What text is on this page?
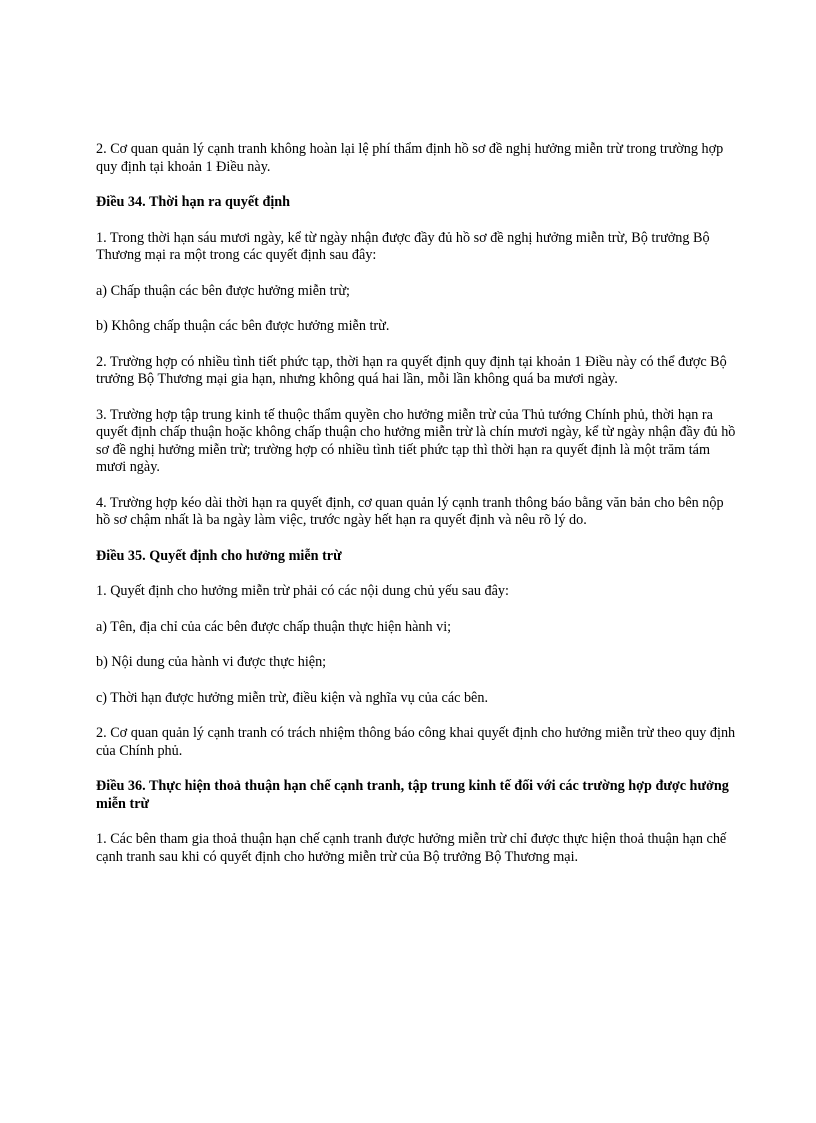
2. Cơ quan quản lý cạnh tranh không hoàn lại lệ phí thẩm định hồ sơ đề nghị hưởng miễn trừ trong trường hợp quy định tại khoản 1 Điều này.

Điều 34. Thời hạn ra quyết định

1. Trong thời hạn sáu mươi ngày, kể từ ngày nhận được đầy đủ hồ sơ đề nghị hưởng miễn trừ, Bộ trưởng Bộ Thương mại ra một trong các quyết định sau đây:

a) Chấp thuận các bên được hưởng miễn trừ;

b) Không chấp thuận các bên được hưởng miễn trừ.

2. Trường hợp có nhiều tình tiết phức tạp, thời hạn ra quyết định quy định tại khoản 1 Điều này có thể được Bộ trưởng Bộ Thương mại gia hạn, nhưng không quá hai lần, mỗi lần không quá ba mươi ngày.

3. Trường hợp tập trung kinh tế thuộc thẩm quyền cho hưởng miễn trừ của Thủ tướng Chính phủ, thời hạn ra quyết định chấp thuận hoặc không chấp thuận cho hưởng miễn trừ là chín mươi ngày, kể từ ngày nhận đầy đủ hồ sơ đề nghị hưởng miễn trừ; trường hợp có nhiều tình tiết phức tạp thì thời hạn ra quyết định là một trăm tám mươi ngày.

4. Trường hợp kéo dài thời hạn ra quyết định, cơ quan quản lý cạnh tranh thông báo bằng văn bản cho bên nộp hồ sơ chậm nhất là ba ngày làm việc, trước ngày hết hạn ra quyết định và nêu rõ lý do.

Điều 35. Quyết định cho hưởng miễn trừ

1. Quyết định cho hưởng miễn trừ phải có các nội dung chủ yếu sau đây:

a) Tên, địa chỉ của các bên được chấp thuận thực hiện hành vi;

b) Nội dung của hành vi được thực hiện;

c) Thời hạn được hưởng miễn trừ, điều kiện và nghĩa vụ của các bên.

2. Cơ quan quản lý cạnh tranh có trách nhiệm thông báo công khai quyết định cho hưởng miễn trừ theo quy định của Chính phủ.

Điều 36. Thực hiện thoả thuận hạn chế cạnh tranh, tập trung kinh tế đối với các trường hợp được hưởng miễn trừ

1. Các bên tham gia thoả thuận hạn chế cạnh tranh được hưởng miễn trừ chỉ được thực hiện thoả thuận hạn chế cạnh tranh sau khi có quyết định cho hưởng miễn trừ của Bộ trưởng Bộ Thương mại.
